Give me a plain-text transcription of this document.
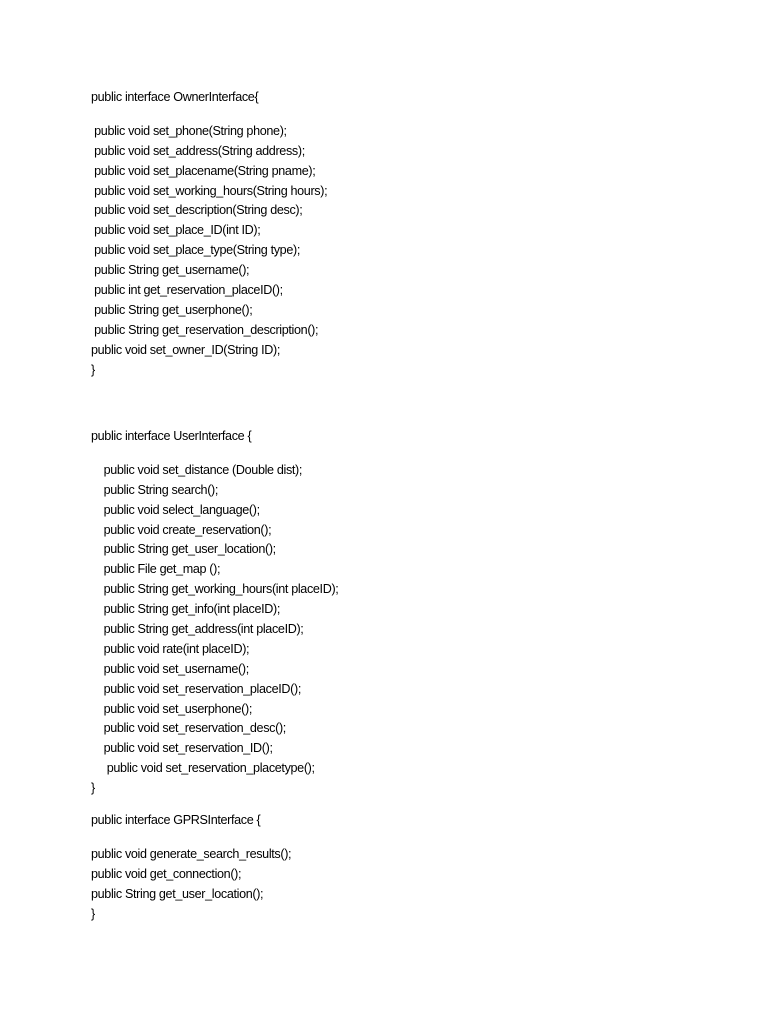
public interface OwnerInterface{
public void set_phone(String phone);
public void set_address(String address);
public void set_placename(String pname);
public void set_working_hours(String hours);
public void set_description(String desc);
public void set_place_ID(int ID);
public void set_place_type(String type);
public String get_username();
public int get_reservation_placeID();
public String get_userphone();
public String get_reservation_description();
public void set_owner_ID(String ID);
}
public interface UserInterface {
public void set_distance (Double dist);
public String search();
public void select_language();
public void create_reservation();
public String get_user_location();
public File get_map ();
public String get_working_hours(int placeID);
public String get_info(int placeID);
public String get_address(int placeID);
public void rate(int placeID);
public void set_username();
public void set_reservation_placeID();
public void set_userphone();
public void set_reservation_desc();
public void set_reservation_ID();
public void set_reservation_placetype();
}
public interface GPRSInterface {
public void generate_search_results();
public void get_connection();
public String get_user_location();
}
